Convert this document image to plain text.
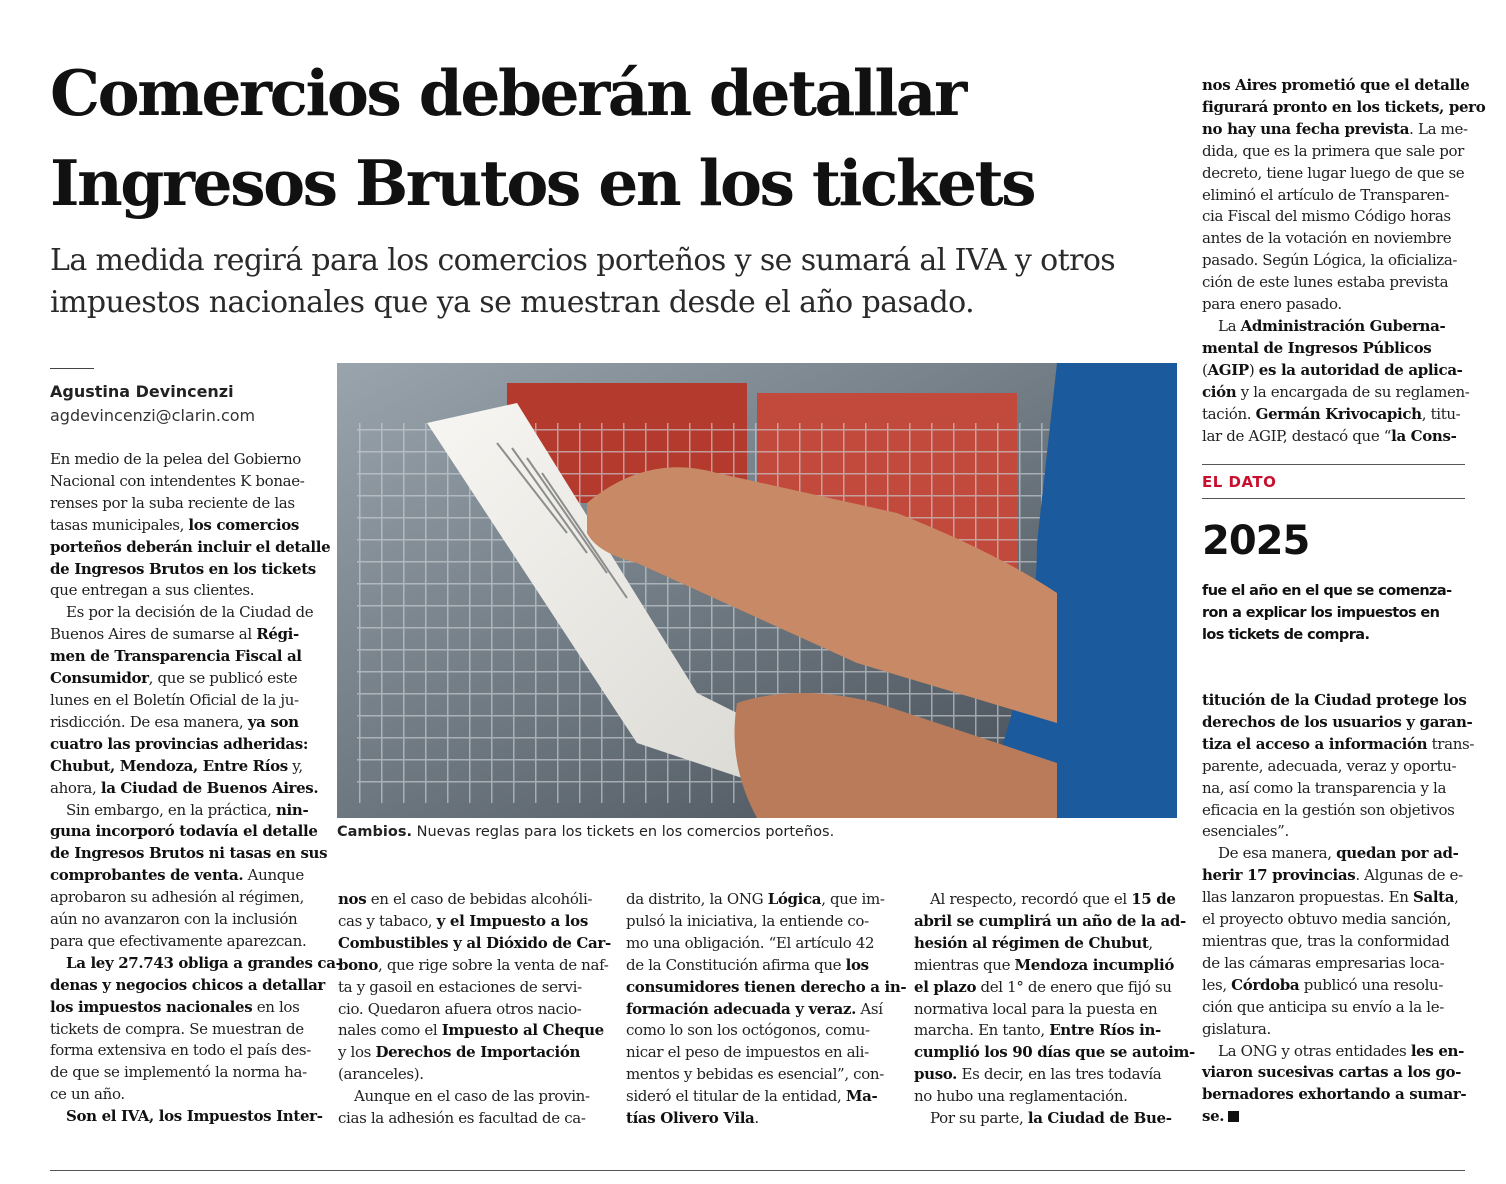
Comercios deberán detallar
Ingresos Brutos en los tickets
La medida regirá para los comercios porteños y se sumará al IVA y otros
impuestos nacionales que ya se muestran desde el año pasado.
Agustina Devincenzi
agdevincenzi@clarin.com
En medio de la pelea del Gobierno
Nacional con intendentes K bonae-
renses por la suba reciente de las
tasas municipales, los comercios
porteños deberán incluir el detalle
de Ingresos Brutos en los tickets
que entregan a sus clientes.
Es por la decisión de la Ciudad de
Buenos Aires de sumarse al Régi-
men de Transparencia Fiscal al
Consumidor, que se publicó este
lunes en el Boletín Oficial de la ju-
risdicción. De esa manera, ya son
cuatro las provincias adheridas:
Chubut, Mendoza, Entre Ríos y,
ahora, la Ciudad de Buenos Aires.
Sin embargo, en la práctica, nin-
guna incorporó todavía el detalle
de Ingresos Brutos ni tasas en sus
comprobantes de venta. Aunque
aprobaron su adhesión al régimen,
aún no avanzaron con la inclusión
para que efectivamente aparezcan.
La ley 27.743 obliga a grandes ca-
denas y negocios chicos a detallar
los impuestos nacionales en los
tickets de compra. Se muestran de
forma extensiva en todo el país des-
de que se implementó la norma ha-
ce un año.
Son el IVA, los Impuestos Inter-
Cambios. Nuevas reglas para los tickets en los comercios porteños.
nos en el caso de bebidas alcohóli-
cas y tabaco, y el Impuesto a los
Combustibles y al Dióxido de Car-
bono, que rige sobre la venta de naf-
ta y gasoil en estaciones de servi-
cio. Quedaron afuera otros nacio-
nales como el Impuesto al Cheque
y los Derechos de Importación
(aranceles).
Aunque en el caso de las provin-
cias la adhesión es facultad de ca-
da distrito, la ONG Lógica, que im-
pulsó la iniciativa, la entiende co-
mo una obligación. “El artículo 42
de la Constitución afirma que los
consumidores tienen derecho a in-
formación adecuada y veraz. Así
como lo son los octógonos, comu-
nicar el peso de impuestos en ali-
mentos y bebidas es esencial”, con-
sideró el titular de la entidad, Ma-
tías Olivero Vila.
Al respecto, recordó que el 15 de
abril se cumplirá un año de la ad-
hesión al régimen de Chubut,
mientras que Mendoza incumplió
el plazo del 1° de enero que fijó su
normativa local para la puesta en
marcha. En tanto, Entre Ríos in-
cumplió los 90 días que se autoim-
puso. Es decir, en las tres todavía
no hubo una reglamentación.
Por su parte, la Ciudad de Bue-
nos Aires prometió que el detalle
figurará pronto en los tickets, pero
no hay una fecha prevista. La me-
dida, que es la primera que sale por
decreto, tiene lugar luego de que se
eliminó el artículo de Transparen-
cia Fiscal del mismo Código horas
antes de la votación en noviembre
pasado. Según Lógica, la oficializa-
ción de este lunes estaba prevista
para enero pasado.
La Administración Guberna-
mental de Ingresos Públicos
(AGIP) es la autoridad de aplica-
ción y la encargada de su reglamen-
tación. Germán Krivocapich, titu-
lar de AGIP, destacó que “la Cons-
EL DATO
2025
fue el año en el que se comenza-
ron a explicar los impuestos en
los tickets de compra.
titución de la Ciudad protege los
derechos de los usuarios y garan-
tiza el acceso a información trans-
parente, adecuada, veraz y oportu-
na, así como la transparencia y la
eficacia en la gestión son objetivos
esenciales”.
De esa manera, quedan por ad-
herir 17 provincias. Algunas de e-
llas lanzaron propuestas. En Salta,
el proyecto obtuvo media sanción,
mientras que, tras la conformidad
de las cámaras empresarias loca-
les, Córdoba publicó una resolu-
ción que anticipa su envío a la le-
gislatura.
La ONG y otras entidades les en-
viaron sucesivas cartas a los go-
bernadores exhortando a sumar-
se.
